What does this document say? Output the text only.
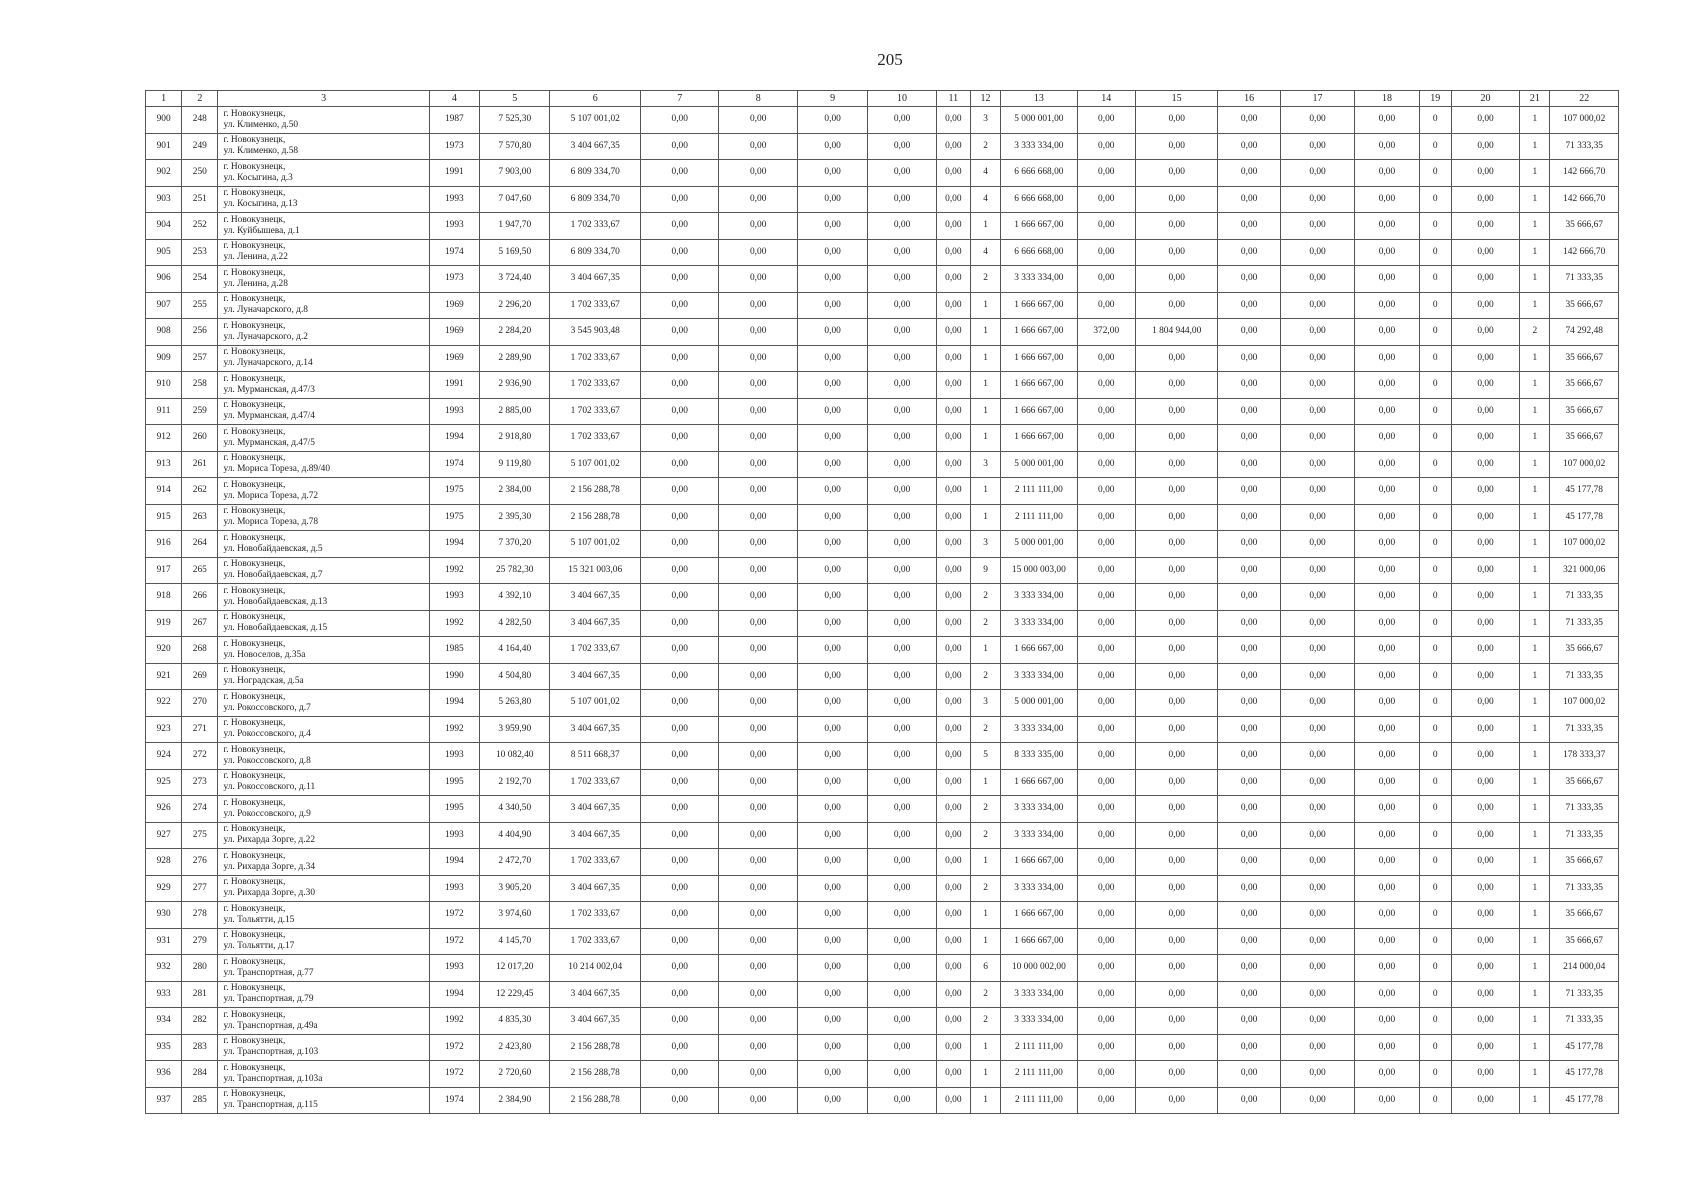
205
1	2	3	4	5	6	7	8	9	10	11	12	13	14	15	16	17	18	19	20	21	22
900	248	г. Новокузнецк,
ул. Клименко, д.50	1987	7 525,30	5 107 001,02	0,00	0,00	0,00	0,00	0,00	3	5 000 001,00	0,00	0,00	0,00	0,00	0,00	0	0,00	1	107 000,02
901	249	г. Новокузнецк,
ул. Клименко, д.58	1973	7 570,80	3 404 667,35	0,00	0,00	0,00	0,00	0,00	2	3 333 334,00	0,00	0,00	0,00	0,00	0,00	0	0,00	1	71 333,35
902	250	г. Новокузнецк,
ул. Косыгина, д.3	1991	7 903,00	6 809 334,70	0,00	0,00	0,00	0,00	0,00	4	6 666 668,00	0,00	0,00	0,00	0,00	0,00	0	0,00	1	142 666,70
903	251	г. Новокузнецк,
ул. Косыгина, д.13	1993	7 047,60	6 809 334,70	0,00	0,00	0,00	0,00	0,00	4	6 666 668,00	0,00	0,00	0,00	0,00	0,00	0	0,00	1	142 666,70
904	252	г. Новокузнецк,
ул. Куйбышева, д.1	1993	1 947,70	1 702 333,67	0,00	0,00	0,00	0,00	0,00	1	1 666 667,00	0,00	0,00	0,00	0,00	0,00	0	0,00	1	35 666,67
905	253	г. Новокузнецк,
ул. Ленина, д.22	1974	5 169,50	6 809 334,70	0,00	0,00	0,00	0,00	0,00	4	6 666 668,00	0,00	0,00	0,00	0,00	0,00	0	0,00	1	142 666,70
906	254	г. Новокузнецк,
ул. Ленина, д.28	1973	3 724,40	3 404 667,35	0,00	0,00	0,00	0,00	0,00	2	3 333 334,00	0,00	0,00	0,00	0,00	0,00	0	0,00	1	71 333,35
907	255	г. Новокузнецк,
ул. Луначарского, д.8	1969	2 296,20	1 702 333,67	0,00	0,00	0,00	0,00	0,00	1	1 666 667,00	0,00	0,00	0,00	0,00	0,00	0	0,00	1	35 666,67
908	256	г. Новокузнецк,
ул. Луначарского, д.2	1969	2 284,20	3 545 903,48	0,00	0,00	0,00	0,00	0,00	1	1 666 667,00	372,00	1 804 944,00	0,00	0,00	0,00	0	0,00	2	74 292,48
909	257	г. Новокузнецк,
ул. Луначарского, д.14	1969	2 289,90	1 702 333,67	0,00	0,00	0,00	0,00	0,00	1	1 666 667,00	0,00	0,00	0,00	0,00	0,00	0	0,00	1	35 666,67
910	258	г. Новокузнецк,
ул. Мурманская, д.47/3	1991	2 936,90	1 702 333,67	0,00	0,00	0,00	0,00	0,00	1	1 666 667,00	0,00	0,00	0,00	0,00	0,00	0	0,00	1	35 666,67
911	259	г. Новокузнецк,
ул. Мурманская, д.47/4	1993	2 885,00	1 702 333,67	0,00	0,00	0,00	0,00	0,00	1	1 666 667,00	0,00	0,00	0,00	0,00	0,00	0	0,00	1	35 666,67
912	260	г. Новокузнецк,
ул. Мурманская, д.47/5	1994	2 918,80	1 702 333,67	0,00	0,00	0,00	0,00	0,00	1	1 666 667,00	0,00	0,00	0,00	0,00	0,00	0	0,00	1	35 666,67
913	261	г. Новокузнецк,
ул. Мориса Тореза, д.89/40	1974	9 119,80	5 107 001,02	0,00	0,00	0,00	0,00	0,00	3	5 000 001,00	0,00	0,00	0,00	0,00	0,00	0	0,00	1	107 000,02
914	262	г. Новокузнецк,
ул. Мориса Тореза, д.72	1975	2 384,00	2 156 288,78	0,00	0,00	0,00	0,00	0,00	1	2 111 111,00	0,00	0,00	0,00	0,00	0,00	0	0,00	1	45 177,78
915	263	г. Новокузнецк,
ул. Мориса Тореза, д.78	1975	2 395,30	2 156 288,78	0,00	0,00	0,00	0,00	0,00	1	2 111 111,00	0,00	0,00	0,00	0,00	0,00	0	0,00	1	45 177,78
916	264	г. Новокузнецк,
ул. Новобайдаевская, д.5	1994	7 370,20	5 107 001,02	0,00	0,00	0,00	0,00	0,00	3	5 000 001,00	0,00	0,00	0,00	0,00	0,00	0	0,00	1	107 000,02
917	265	г. Новокузнецк,
ул. Новобайдаевская, д.7	1992	25 782,30	15 321 003,06	0,00	0,00	0,00	0,00	0,00	9	15 000 003,00	0,00	0,00	0,00	0,00	0,00	0	0,00	1	321 000,06
918	266	г. Новокузнецк,
ул. Новобайдаевская, д.13	1993	4 392,10	3 404 667,35	0,00	0,00	0,00	0,00	0,00	2	3 333 334,00	0,00	0,00	0,00	0,00	0,00	0	0,00	1	71 333,35
919	267	г. Новокузнецк,
ул. Новобайдаевская, д.15	1992	4 282,50	3 404 667,35	0,00	0,00	0,00	0,00	0,00	2	3 333 334,00	0,00	0,00	0,00	0,00	0,00	0	0,00	1	71 333,35
920	268	г. Новокузнецк,
ул. Новоселов, д.35а	1985	4 164,40	1 702 333,67	0,00	0,00	0,00	0,00	0,00	1	1 666 667,00	0,00	0,00	0,00	0,00	0,00	0	0,00	1	35 666,67
921	269	г. Новокузнецк,
ул. Ноградская, д.5а	1990	4 504,80	3 404 667,35	0,00	0,00	0,00	0,00	0,00	2	3 333 334,00	0,00	0,00	0,00	0,00	0,00	0	0,00	1	71 333,35
922	270	г. Новокузнецк,
ул. Рокоссовского, д.7	1994	5 263,80	5 107 001,02	0,00	0,00	0,00	0,00	0,00	3	5 000 001,00	0,00	0,00	0,00	0,00	0,00	0	0,00	1	107 000,02
923	271	г. Новокузнецк,
ул. Рокоссовского, д.4	1992	3 959,90	3 404 667,35	0,00	0,00	0,00	0,00	0,00	2	3 333 334,00	0,00	0,00	0,00	0,00	0,00	0	0,00	1	71 333,35
924	272	г. Новокузнецк,
ул. Рокоссовского, д.8	1993	10 082,40	8 511 668,37	0,00	0,00	0,00	0,00	0,00	5	8 333 335,00	0,00	0,00	0,00	0,00	0,00	0	0,00	1	178 333,37
925	273	г. Новокузнецк,
ул. Рокоссовского, д.11	1995	2 192,70	1 702 333,67	0,00	0,00	0,00	0,00	0,00	1	1 666 667,00	0,00	0,00	0,00	0,00	0,00	0	0,00	1	35 666,67
926	274	г. Новокузнецк,
ул. Рокоссовского, д.9	1995	4 340,50	3 404 667,35	0,00	0,00	0,00	0,00	0,00	2	3 333 334,00	0,00	0,00	0,00	0,00	0,00	0	0,00	1	71 333,35
927	275	г. Новокузнецк,
ул. Рихарда Зорге, д.22	1993	4 404,90	3 404 667,35	0,00	0,00	0,00	0,00	0,00	2	3 333 334,00	0,00	0,00	0,00	0,00	0,00	0	0,00	1	71 333,35
928	276	г. Новокузнецк,
ул. Рихарда Зорге, д.34	1994	2 472,70	1 702 333,67	0,00	0,00	0,00	0,00	0,00	1	1 666 667,00	0,00	0,00	0,00	0,00	0,00	0	0,00	1	35 666,67
929	277	г. Новокузнецк,
ул. Рихарда Зорге, д.30	1993	3 905,20	3 404 667,35	0,00	0,00	0,00	0,00	0,00	2	3 333 334,00	0,00	0,00	0,00	0,00	0,00	0	0,00	1	71 333,35
930	278	г. Новокузнецк,
ул. Тольятти, д.15	1972	3 974,60	1 702 333,67	0,00	0,00	0,00	0,00	0,00	1	1 666 667,00	0,00	0,00	0,00	0,00	0,00	0	0,00	1	35 666,67
931	279	г. Новокузнецк,
ул. Тольятти, д.17	1972	4 145,70	1 702 333,67	0,00	0,00	0,00	0,00	0,00	1	1 666 667,00	0,00	0,00	0,00	0,00	0,00	0	0,00	1	35 666,67
932	280	г. Новокузнецк,
ул. Транспортная, д.77	1993	12 017,20	10 214 002,04	0,00	0,00	0,00	0,00	0,00	6	10 000 002,00	0,00	0,00	0,00	0,00	0,00	0	0,00	1	214 000,04
933	281	г. Новокузнецк,
ул. Транспортная, д.79	1994	12 229,45	3 404 667,35	0,00	0,00	0,00	0,00	0,00	2	3 333 334,00	0,00	0,00	0,00	0,00	0,00	0	0,00	1	71 333,35
934	282	г. Новокузнецк,
ул. Транспортная, д.49а	1992	4 835,30	3 404 667,35	0,00	0,00	0,00	0,00	0,00	2	3 333 334,00	0,00	0,00	0,00	0,00	0,00	0	0,00	1	71 333,35
935	283	г. Новокузнецк,
ул. Транспортная, д.103	1972	2 423,80	2 156 288,78	0,00	0,00	0,00	0,00	0,00	1	2 111 111,00	0,00	0,00	0,00	0,00	0,00	0	0,00	1	45 177,78
936	284	г. Новокузнецк,
ул. Транспортная, д.103а	1972	2 720,60	2 156 288,78	0,00	0,00	0,00	0,00	0,00	1	2 111 111,00	0,00	0,00	0,00	0,00	0,00	0	0,00	1	45 177,78
937	285	г. Новокузнецк,
ул. Транспортная, д.115	1974	2 384,90	2 156 288,78	0,00	0,00	0,00	0,00	0,00	1	2 111 111,00	0,00	0,00	0,00	0,00	0,00	0	0,00	1	45 177,78
